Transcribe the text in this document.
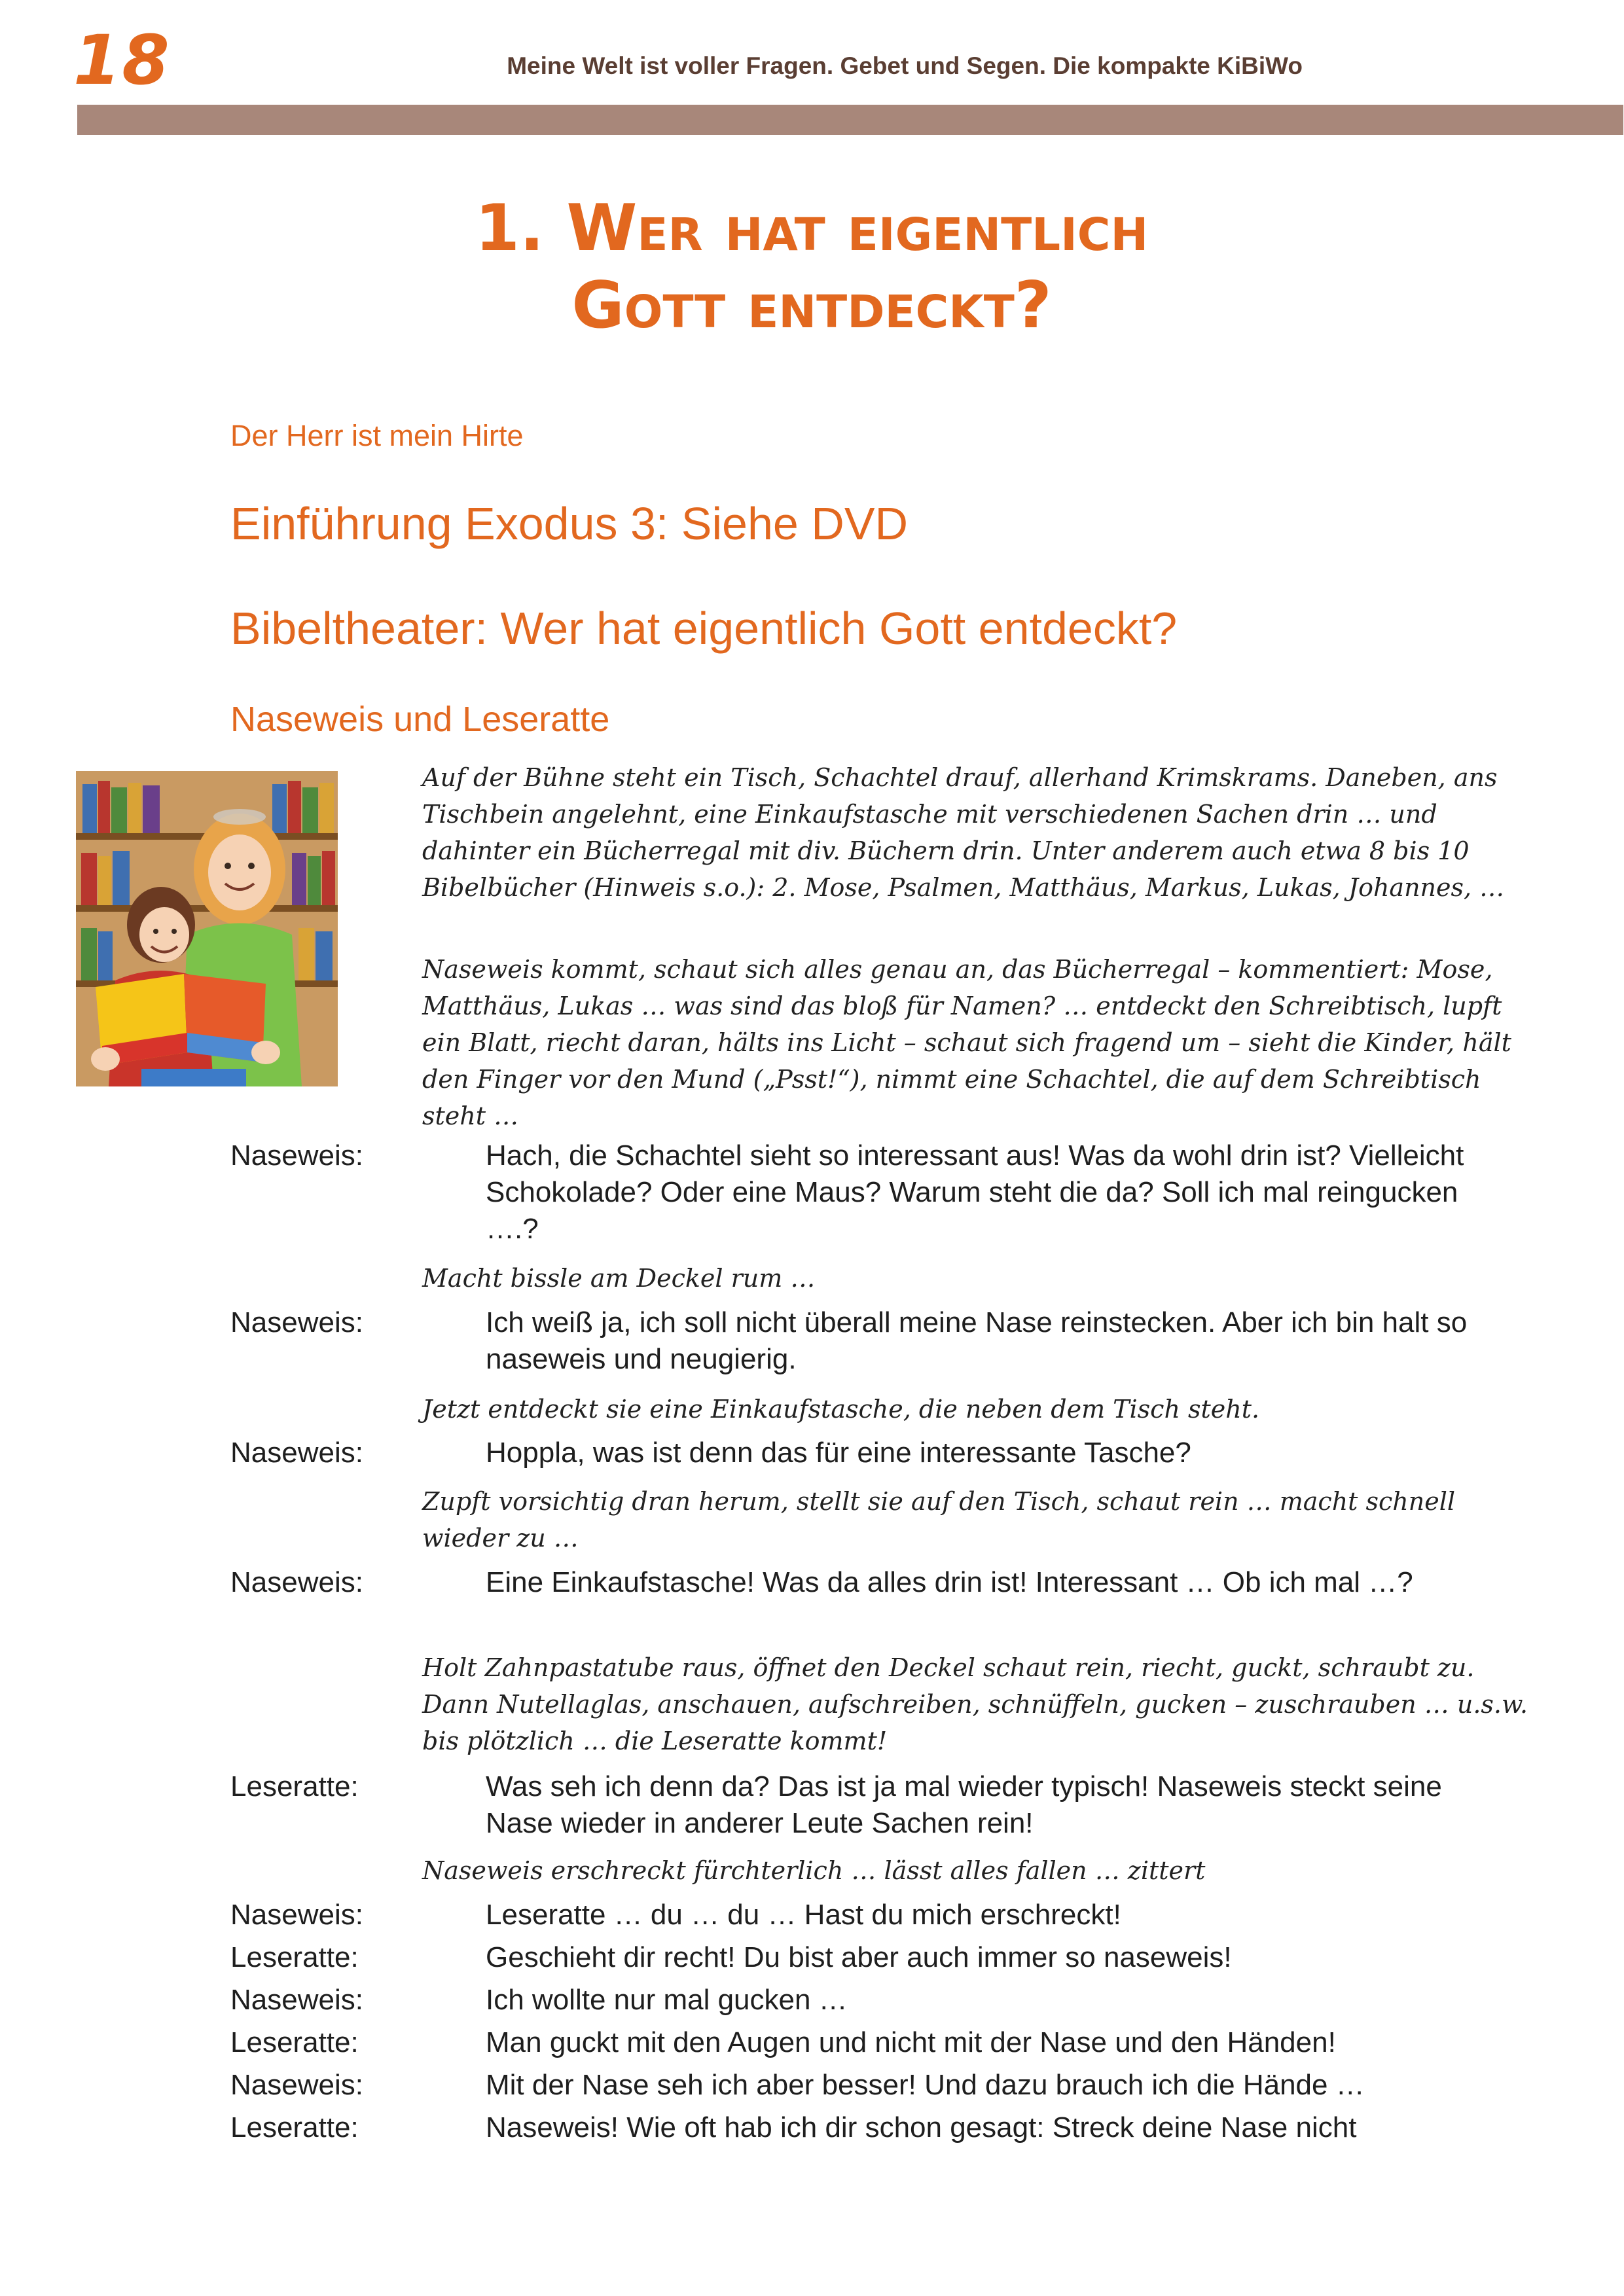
18	Meine Welt ist voller Fragen. Gebet und Segen. Die kompakte KiBiWo
1. Wer hat eigentlich
Gott entdeckt?
Der Herr ist mein Hirte
Einführung Exodus 3: Siehe DVD
Bibeltheater: Wer hat eigentlich Gott entdeckt?
Naseweis und Leseratte
Auf der Bühne steht ein Tisch, Schachtel drauf, allerhand Krimskrams. Daneben, ans Tischbein angelehnt, eine Einkaufstasche mit verschiedenen Sachen drin … und dahinter ein Bücherregal mit div. Büchern drin. Unter anderem auch etwa 8 bis 10 Bibelbücher (Hinweis s.o.): 2. Mose, Psalmen, Matthäus, Markus, Lukas, Johannes, …
Naseweis kommt, schaut sich alles genau an, das Bücherregal – kommentiert: Mose, Matthäus, Lukas … was sind das bloß für Namen? … entdeckt den Schreibtisch, lupft ein Blatt, riecht daran, hälts ins Licht – schaut sich fragend um – sieht die Kinder, hält den Finger vor den Mund („Psst!“), nimmt eine Schachtel, die auf dem Schreibtisch steht …
Naseweis:	Hach, die Schachtel sieht so interessant aus! Was da wohl drin ist? Vielleicht Schokolade? Oder eine Maus? Warum steht die da? Soll ich mal reingucken ….?
Macht bissle am Deckel rum …
Naseweis:	Ich weiß ja, ich soll nicht überall meine Nase reinstecken. Aber ich bin halt so naseweis und neugierig.
Jetzt entdeckt sie eine Einkaufstasche, die neben dem Tisch steht.
Naseweis:	Hoppla, was ist denn das für eine interessante Tasche?
Zupft vorsichtig dran herum, stellt sie auf den Tisch, schaut rein … macht schnell wieder zu …
Naseweis:	Eine Einkaufstasche! Was da alles drin ist! Interessant … Ob ich mal …?
Holt Zahnpastatube raus, öffnet den Deckel schaut rein, riecht, guckt, schraubt zu. Dann Nutellaglas, anschauen, aufschreiben, schnüffeln, gucken – zuschrauben … u.s.w. bis plötzlich … die Leseratte kommt!
Leseratte:	Was seh ich denn da? Das ist ja mal wieder typisch! Naseweis steckt seine Nase wieder in anderer Leute Sachen rein!
Naseweis erschreckt fürchterlich … lässt alles fallen … zittert
Naseweis:	Leseratte … du … du … Hast du mich erschreckt!
Leseratte:	Geschieht dir recht! Du bist aber auch immer so naseweis!
Naseweis:	Ich wollte nur mal gucken …
Leseratte:	Man guckt mit den Augen und nicht mit der Nase und den Händen!
Naseweis:	Mit der Nase seh ich aber besser! Und dazu brauch ich die Hände …
Leseratte:	Naseweis! Wie oft hab ich dir schon gesagt: Streck deine Nase nicht
